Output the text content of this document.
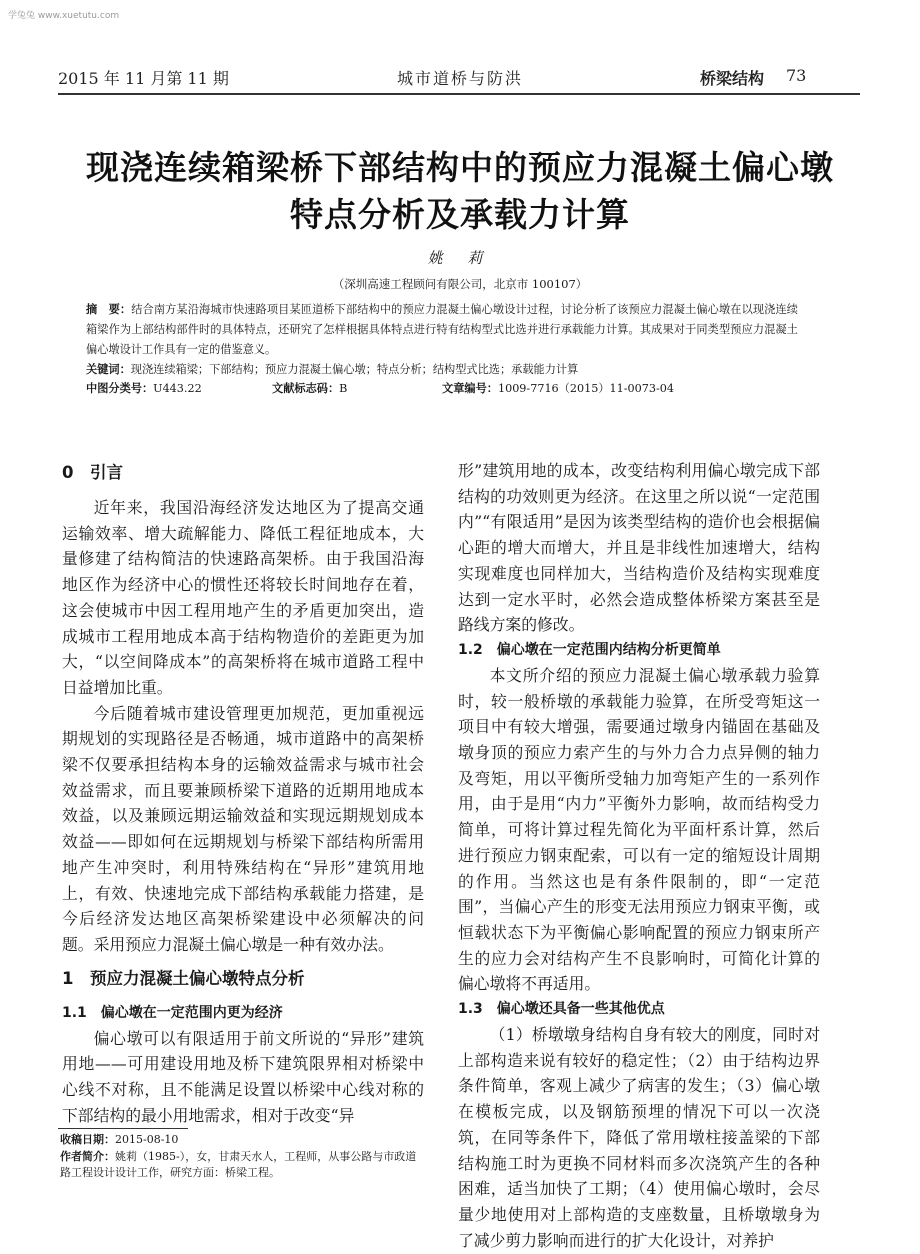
学兔兔 www.xuetutu.com
2015 年 11 月第 11 期	城市道桥与防洪	桥梁结构 73
现浇连续箱梁桥下部结构中的预应力混凝土偏心墩
特点分析及承载力计算
姚 莉
（深圳高速工程顾问有限公司，北京市 100107）
摘　要：结合南方某沿海城市快速路项目某匝道桥下部结构中的预应力混凝土偏心墩设计过程，讨论分析了该预应力混凝土偏心墩在以现浇连续箱梁作为上部结构部件时的具体特点，还研究了怎样根据具体特点进行特有结构型式比选并进行承载能力计算。其成果对于同类型预应力混凝土偏心墩设计工作具有一定的借鉴意义。
关键词：现浇连续箱梁；下部结构；预应力混凝土偏心墩；特点分析；结构型式比选；承载能力计算
中图分类号：U443.22	文献标志码：B	文章编号：1009-7716（2015）11-0073-04
0　引言

近年来，我国沿海经济发达地区为了提高交通运输效率、增大疏解能力、降低工程征地成本，大量修建了结构简洁的快速路高架桥。由于我国沿海地区作为经济中心的惯性还将较长时间地存在着，这会使城市中因工程用地产生的矛盾更加突出，造成城市工程用地成本高于结构物造价的差距更为加大，“以空间降成本”的高架桥将在城市道路工程中日益增加比重。

今后随着城市建设管理更加规范，更加重视远期规划的实现路径是否畅通，城市道路中的高架桥梁不仅要承担结构本身的运输效益需求与城市社会效益需求，而且要兼顾桥梁下道路的近期用地成本效益，以及兼顾远期运输效益和实现远期规划成本效益——即如何在远期规划与桥梁下部结构所需用地产生冲突时，利用特殊结构在“异形”建筑用地上，有效、快速地完成下部结构承载能力搭建，是今后经济发达地区高架桥梁建设中必须解决的问题。采用预应力混凝土偏心墩是一种有效办法。

1　预应力混凝土偏心墩特点分析
1.1　偏心墩在一定范围内更为经济

偏心墩可以有限适用于前文所说的“异形”建筑用地——可用建设用地及桥下建筑限界相对桥梁中心线不对称，且不能满足设置以桥梁中心线对称的下部结构的最小用地需求，相对于改变“异

形”建筑用地的成本，改变结构利用偏心墩完成下部结构的功效则更为经济。在这里之所以说“一定范围内”“有限适用”是因为该类型结构的造价也会根据偏心距的增大而增大，并且是非线性加速增大，结构实现难度也同样加大，当结构造价及结构实现难度达到一定水平时，必然会造成整体桥梁方案甚至是路线方案的修改。

1.2　偏心墩在一定范围内结构分析更简单

本文所介绍的预应力混凝土偏心墩承载力验算时，较一般桥墩的承载能力验算，在所受弯矩这一项目中有较大增强，需要通过墩身内锚固在基础及墩身顶的预应力索产生的与外力合力点异侧的轴力及弯矩，用以平衡所受轴力加弯矩产生的一系列作用，由于是用“内力”平衡外力影响，故而结构受力简单，可将计算过程先简化为平面杆系计算，然后进行预应力钢束配索，可以有一定的缩短设计周期的作用。当然这也是有条件限制的，即“一定范围”，当偏心产生的形变无法用预应力钢束平衡，或恒载状态下为平衡偏心影响配置的预应力钢束所产生的应力会对结构产生不良影响时，可简化计算的偏心墩将不再适用。

1.3　偏心墩还具备一些其他优点

（1）桥墩墩身结构自身有较大的刚度，同时对上部构造来说有较好的稳定性；（2）由于结构边界条件简单，客观上减少了病害的发生；（3）偏心墩在模板完成，以及钢筋预埋的情况下可以一次浇筑，在同等条件下，降低了常用墩柱接盖梁的下部结构施工时为更换不同材料而多次浇筑产生的各种困难，适当加快了工期；（4）使用偏心墩时，会尽量少地使用对上部构造的支座数量，且桥墩墩身为了减少剪力影响而进行的扩大化设计，对养护

收稿日期：2015-08-10
作者简介：姚莉（1985-），女，甘肃天水人，工程师，从事公路与市政道路工程设计设计工作，研究方面：桥梁工程。
